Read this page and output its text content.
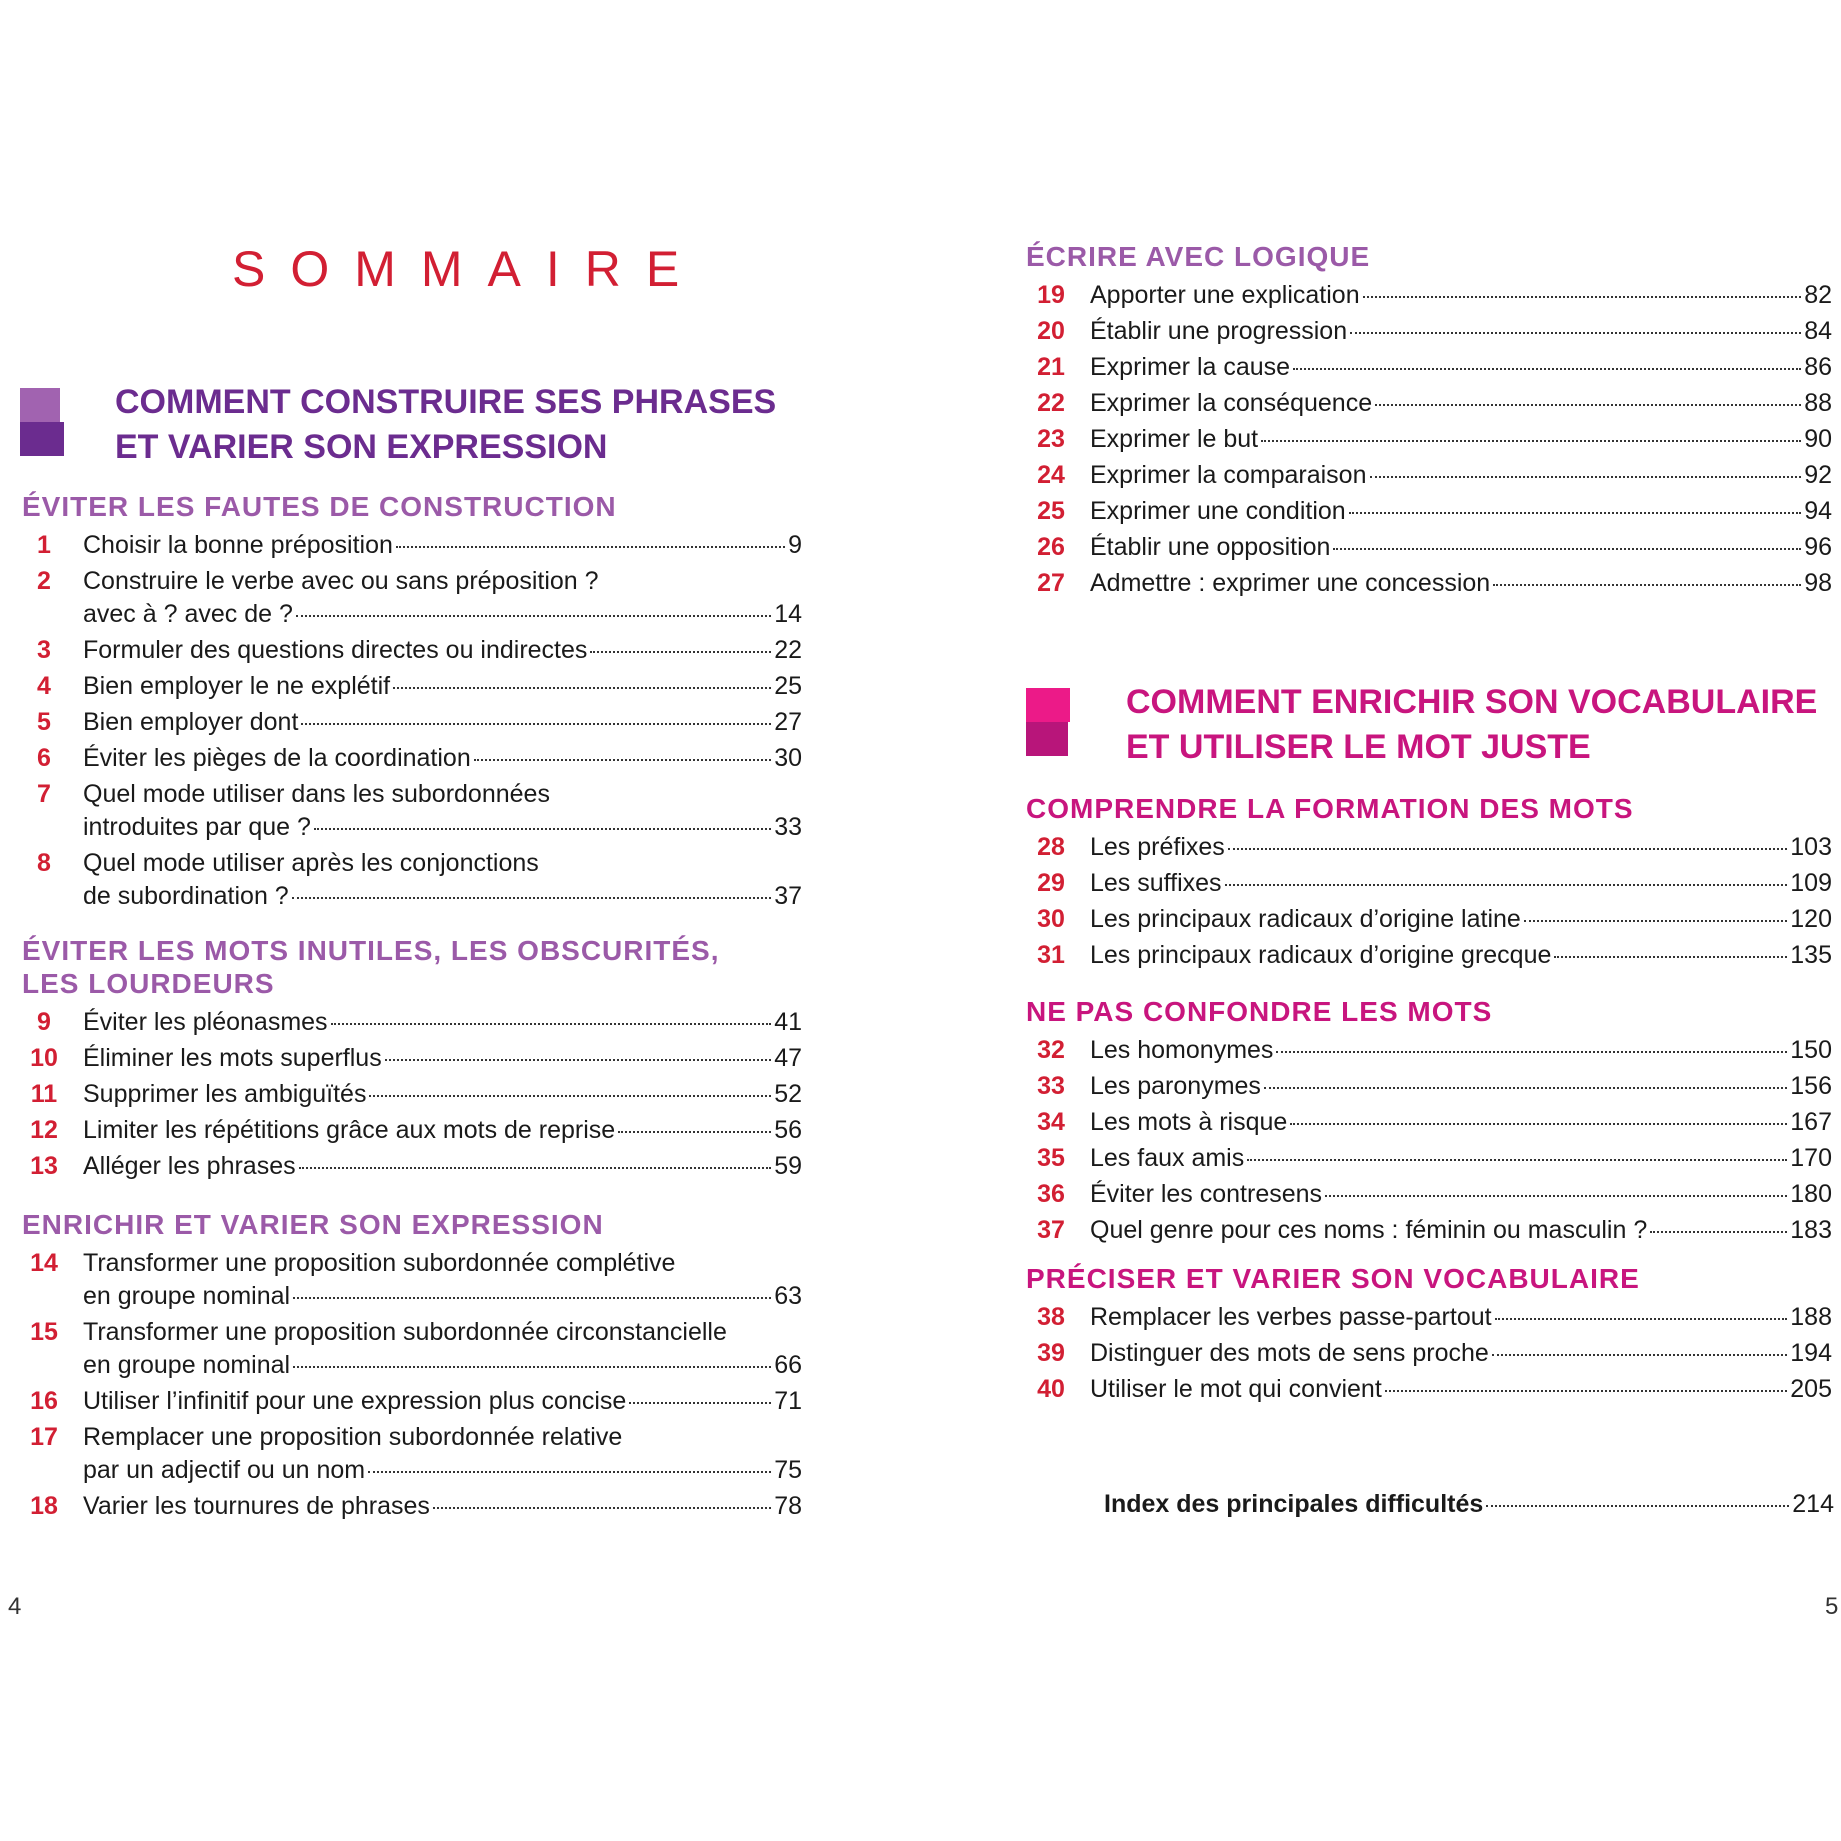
SOMMAIRE
COMMENT CONSTRUIRE SES PHRASES
ET VARIER SON EXPRESSION
ÉVITER LES FAUTES DE CONSTRUCTION
1	Choisir la bonne préposition	9
2	Construire le verbe avec ou sans préposition ?
avec à ? avec de ?	14
3	Formuler des questions directes ou indirectes	22
4	Bien employer le ne explétif	25
5	Bien employer dont	27
6	Éviter les pièges de la coordination	30
7	Quel mode utiliser dans les subordonnées
introduites par que ?	33
8	Quel mode utiliser après les conjonctions
de subordination ?	37
ÉVITER LES MOTS INUTILES, LES OBSCURITÉS,
LES LOURDEURS
9	Éviter les pléonasmes	41
10	Éliminer les mots superflus	47
11	Supprimer les ambiguïtés	52
12	Limiter les répétitions grâce aux mots de reprise	56
13	Alléger les phrases	59
ENRICHIR ET VARIER SON EXPRESSION
14	Transformer une proposition subordonnée complétive
en groupe nominal	63
15	Transformer une proposition subordonnée circonstancielle
en groupe nominal	66
16	Utiliser l’infinitif pour une expression plus concise	71
17	Remplacer une proposition subordonnée relative
par un adjectif ou un nom	75
18	Varier les tournures de phrases	78
4
ÉCRIRE AVEC LOGIQUE
19	Apporter une explication	82
20	Établir une progression	84
21	Exprimer la cause	86
22	Exprimer la conséquence	88
23	Exprimer le but	90
24	Exprimer la comparaison	92
25	Exprimer une condition	94
26	Établir une opposition	96
27	Admettre : exprimer une concession	98
COMMENT ENRICHIR SON VOCABULAIRE
ET UTILISER LE MOT JUSTE
COMPRENDRE LA FORMATION DES MOTS
28	Les préfixes	103
29	Les suffixes	109
30	Les principaux radicaux d’origine latine	120
31	Les principaux radicaux d’origine grecque	135
NE PAS CONFONDRE LES MOTS
32	Les homonymes	150
33	Les paronymes	156
34	Les mots à risque	167
35	Les faux amis	170
36	Éviter les contresens	180
37	Quel genre pour ces noms : féminin ou masculin ?	183
PRÉCISER ET VARIER SON VOCABULAIRE
38	Remplacer les verbes passe-partout	188
39	Distinguer des mots de sens proche	194
40	Utiliser le mot qui convient	205
Index des principales difficultés	214
5
